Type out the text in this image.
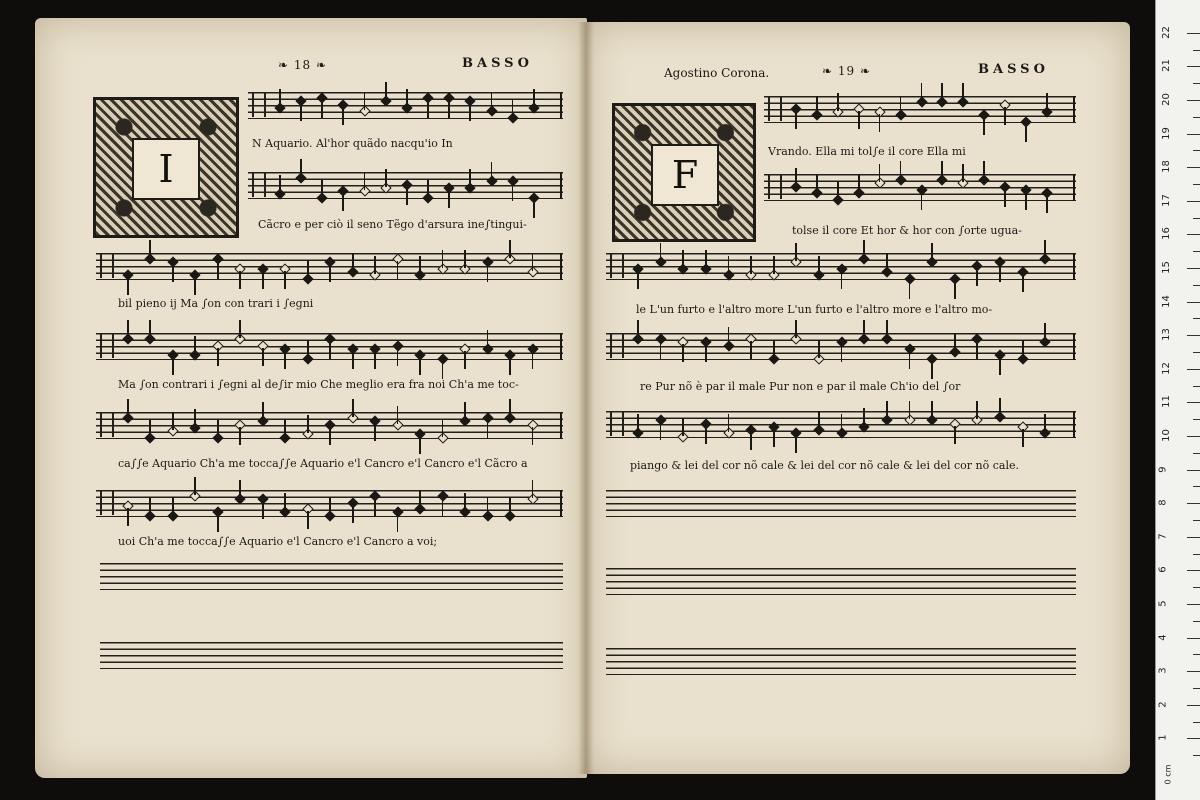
❧ 18 ❧	BASSO
I
N Aquario. Al'hor quãdo nacqu'io In
Cãcro e per ciò il seno Tẽgo d'arsura ine∫tingui-
bil pieno ij Ma ∫on con trari i ∫egni
Ma ∫on contrari i ∫egni al de∫ir mio Che meglio era fra noi Ch'a me toc-
ca∫∫e Aquario Ch'a me tocca∫∫e Aquario e'l Cancro e'l Cancro e'l Cãcro a
uoi Ch'a me tocca∫∫e Aquario e'l Cancro e'l Cancro a voi;
Agostino Corona.	❧ 19 ❧	BASSO
F
Vrando. Ella mi tol∫e il core Ella mi
tolse il core Et hor & hor con ∫orte ugua-
le L'un furto e l'altro more L'un furto e l'altro more e l'altro mo-
re Pur nõ è par il male Pur non e par il male Ch'io del ∫or
piango & lei del cor nõ cale & lei del cor nõ cale & lei del cor nõ cale.
0 cm
1
2
3
4
5
6
7
8
9
10
11
12
13
14
15
16
17
18
19
20
21
22
